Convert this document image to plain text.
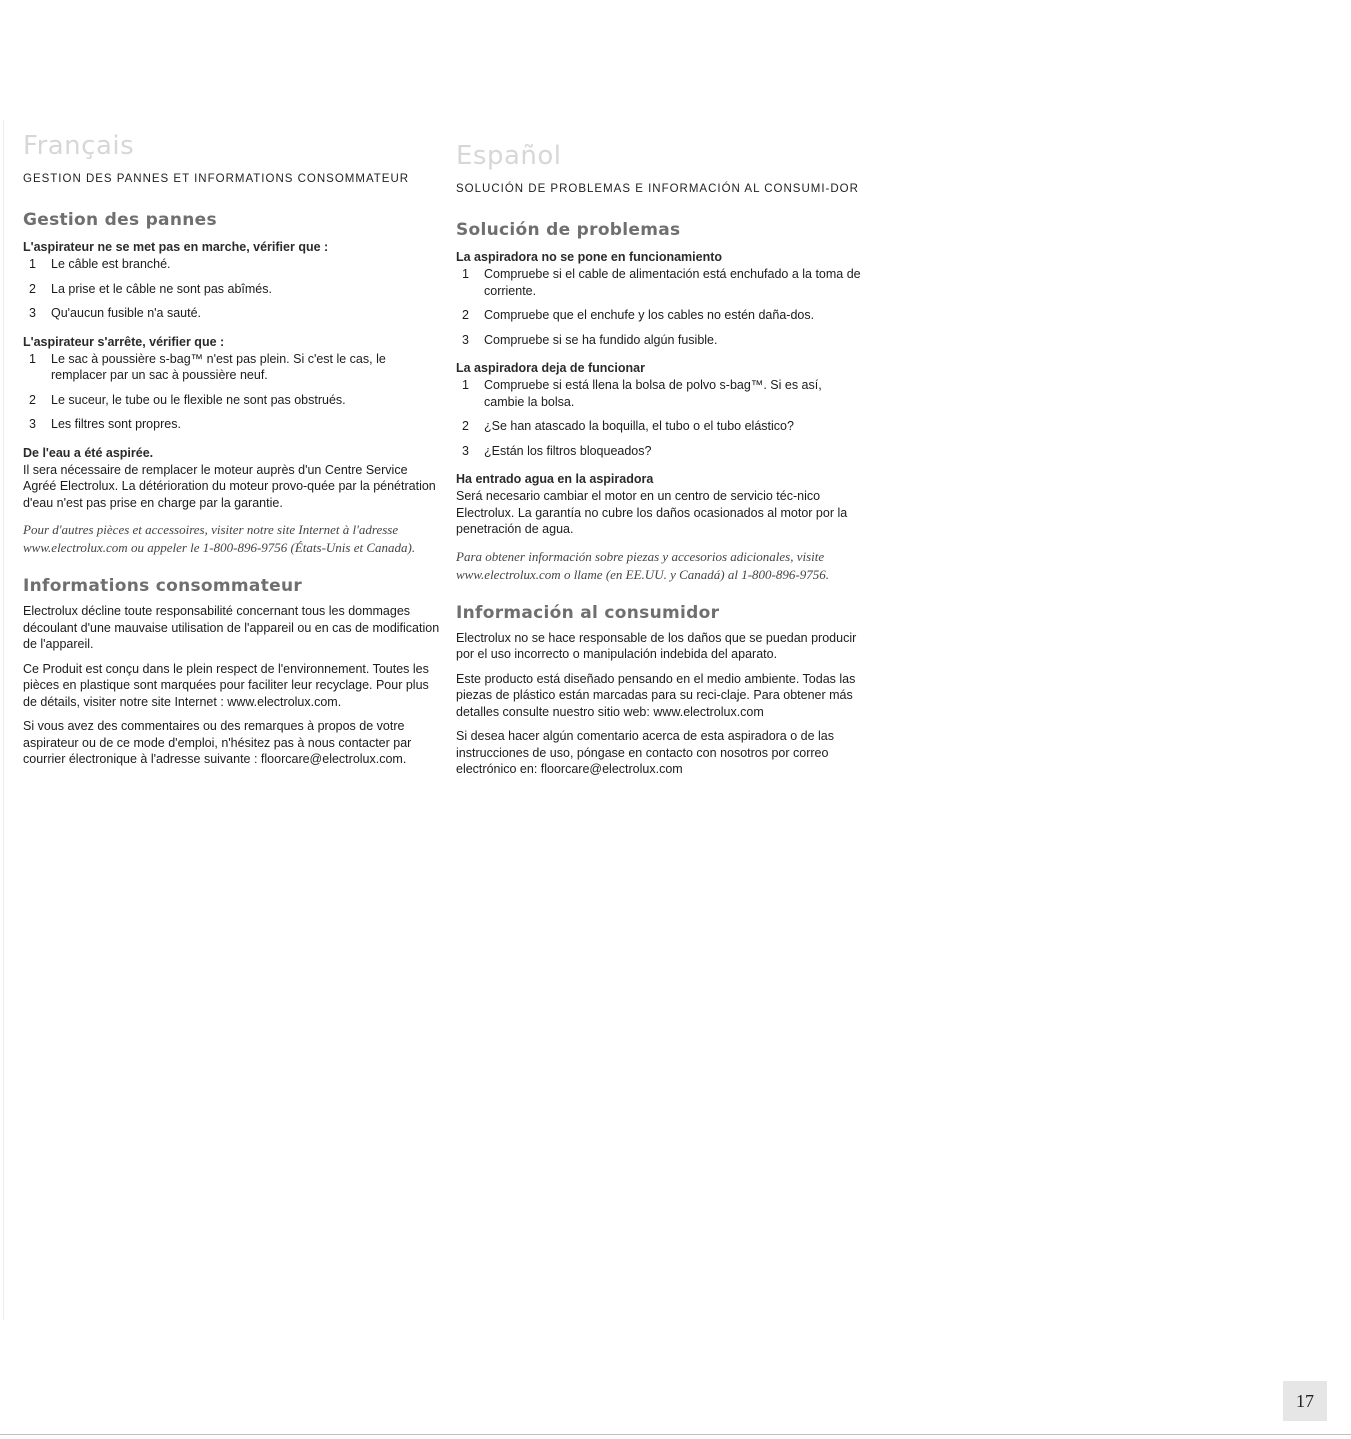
Français

GESTION DES PANNES ET INFORMATIONS CONSOMMATEUR

Gestion des pannes

L'aspirateur ne se met pas en marche, vérifier que :

1	Le câble est branché.
2	La prise et le câble ne sont pas abîmés.
3	Qu'aucun fusible n'a sauté.

L'aspirateur s'arrête, vérifier que :

1	Le sac à poussière s-bag™ n'est pas plein. Si c'est le cas, le remplacer par un sac à poussière neuf.
2	Le suceur, le tube ou le flexible ne sont pas obstrués.
3	Les filtres sont propres.

De l'eau a été aspirée.

Il sera nécessaire de remplacer le moteur auprès d'un Centre Service Agréé Electrolux. La détérioration du moteur provo-quée par la pénétration d'eau n'est pas prise en charge par la garantie.

Pour d'autres pièces et accessoires, visiter notre site Internet à l'adresse www.electrolux.com ou appeler le 1-800-896-9756 (États-Unis et Canada).

Informations consommateur

Electrolux décline toute responsabilité concernant tous les dommages découlant d'une mauvaise utilisation de l'appareil ou en cas de modification de l'appareil.

Ce Produit est conçu dans le plein respect de l'environnement. Toutes les pièces en plastique sont marquées pour faciliter leur recyclage. Pour plus de détails, visiter notre site Internet : www.electrolux.com.

Si vous avez des commentaires ou des remarques à propos de votre aspirateur ou de ce mode d'emploi, n'hésitez pas à nous contacter par courrier électronique à l'adresse suivante : floorcare@electrolux.com.

Español

SOLUCIÓN DE PROBLEMAS E INFORMACIÓN AL CONSUMI-DOR

Solución de problemas

La aspiradora no se pone en funcionamiento

1	Compruebe si el cable de alimentación está enchufado a la toma de corriente.
2	Compruebe que el enchufe y los cables no estén daña-dos.
3	Compruebe si se ha fundido algún fusible.

La aspiradora deja de funcionar

1	Compruebe si está llena la bolsa de polvo s-bag™. Si es así, cambie la bolsa.
2	¿Se han atascado la boquilla, el tubo o el tubo elástico?
3	¿Están los filtros bloqueados?

Ha entrado agua en la aspiradora

Será necesario cambiar el motor en un centro de servicio téc-nico Electrolux. La garantía no cubre los daños ocasionados al motor por la penetración de agua.

Para obtener información sobre piezas y accesorios adicionales, visite www.electrolux.com o llame (en EE.UU. y Canadá) al 1-800-896-9756.

Información al consumidor

Electrolux no se hace responsable de los daños que se puedan producir por el uso incorrecto o manipulación indebida del aparato.

Este producto está diseñado pensando en el medio ambiente. Todas las piezas de plástico están marcadas para su reci-claje. Para obtener más detalles consulte nuestro sitio web: www.electrolux.com

Si desea hacer algún comentario acerca de esta aspiradora o de las instrucciones de uso, póngase en contacto con nosotros por correo electrónico en: floorcare@electrolux.com

17
